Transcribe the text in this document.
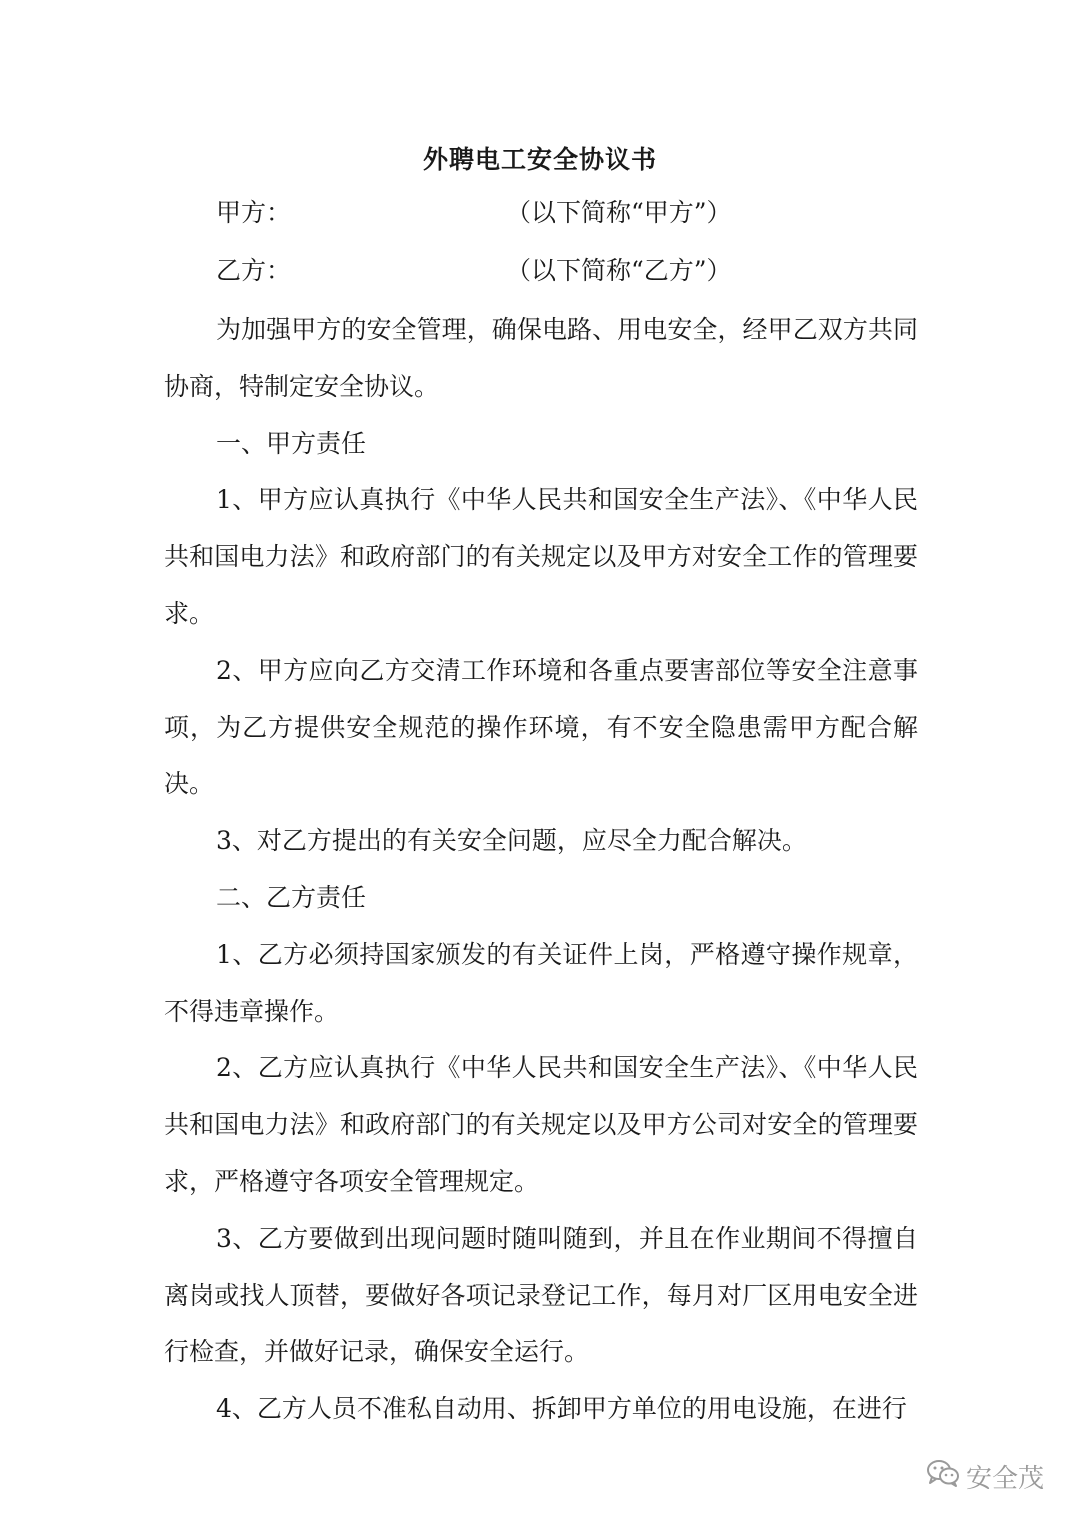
外聘电工安全协议书
甲方：	（以下简称“甲方”）
乙方：	（以下简称“乙方”）

为加强甲方的安全管理，确保电路、用电安全，经甲乙双方共同协商，特制定安全协议。

一、甲方责任

1、甲方应认真执行《中华人民共和国安全生产法》、《中华人民共和国电力法》和政府部门的有关规定以及甲方对安全工作的管理要求。

2、甲方应向乙方交清工作环境和各重点要害部位等安全注意事项，为乙方提供安全规范的操作环境，有不安全隐患需甲方配合解决。

3、对乙方提出的有关安全问题，应尽全力配合解决。

二、乙方责任

1、乙方必须持国家颁发的有关证件上岗，严格遵守操作规章，不得违章操作。

2、乙方应认真执行《中华人民共和国安全生产法》、《中华人民共和国电力法》和政府部门的有关规定以及甲方公司对安全的管理要求，严格遵守各项安全管理规定。

3、乙方要做到出现问题时随叫随到，并且在作业期间不得擅自离岗或找人顶替，要做好各项记录登记工作，每月对厂区用电安全进行检查，并做好记录，确保安全运行。

4、乙方人员不准私自动用、拆卸甲方单位的用电设施，在进行

安全茂
